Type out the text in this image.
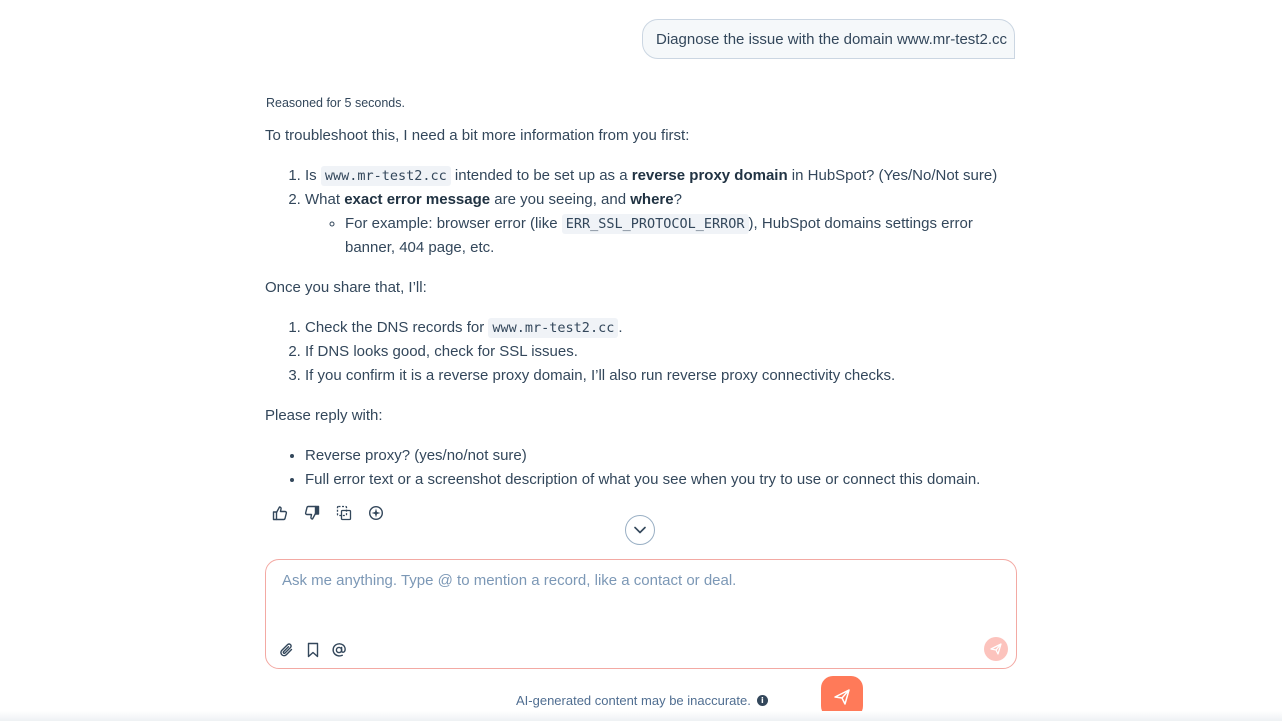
Diagnose the issue with the domain www.mr-test2.cc
Reasoned for 5 seconds.

To troubleshoot this, I need a bit more information from you first:

1. Is www.mr-test2.cc intended to be set up as a reverse proxy domain in HubSpot? (Yes/No/Not sure)
2. What exact error message are you seeing, and where?
◦ For example: browser error (like ERR_SSL_PROTOCOL_ERROR ), HubSpot domains settings error banner, 404 page, etc.

Once you share that, I’ll:

1. Check the DNS records for www.mr-test2.cc .
2. If DNS looks good, check for SSL issues.
3. If you confirm it is a reverse proxy domain, I’ll also run reverse proxy connectivity checks.

Please reply with:

• Reverse proxy? (yes/no/not sure)
• Full error text or a screenshot description of what you see when you try to use or connect this domain.
Ask me anything. Type @ to mention a record, like a contact or deal.
AI-generated content may be inaccurate.	i
